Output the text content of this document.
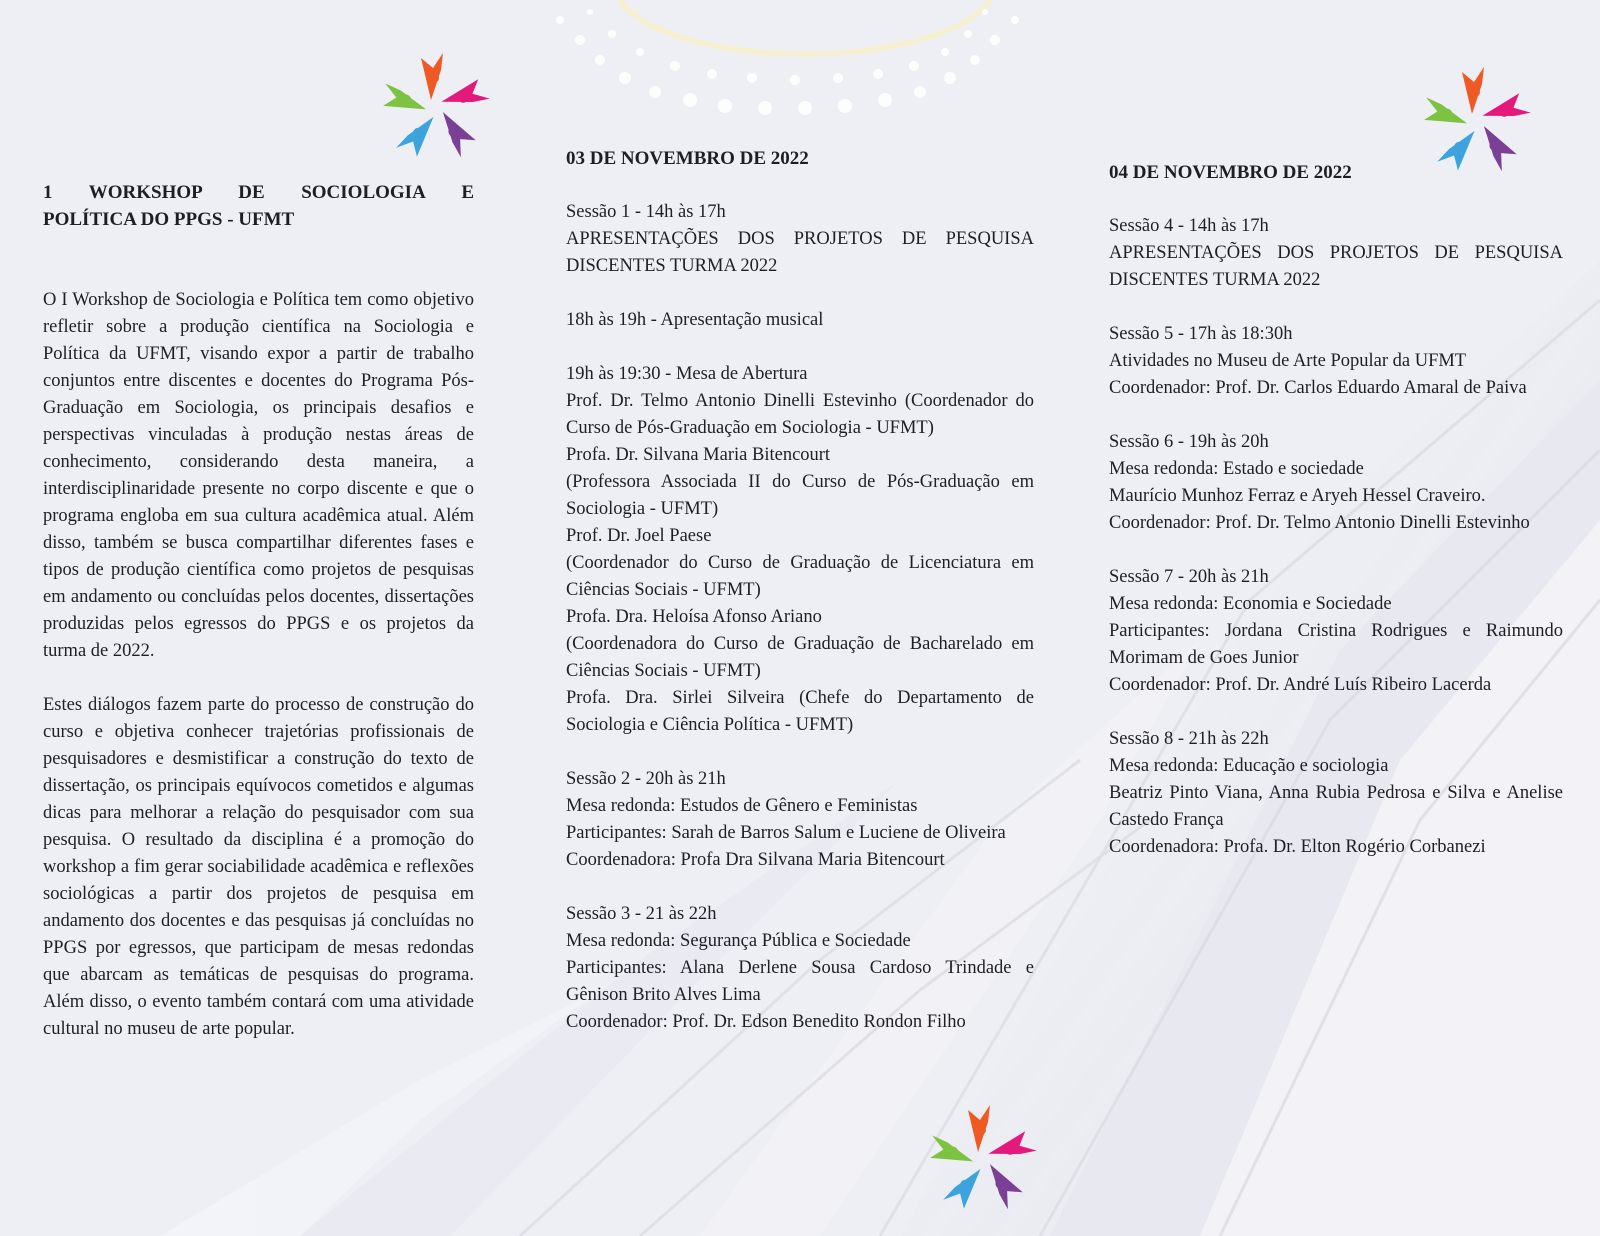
1 WORKSHOP DE SOCIOLOGIA E
POLÍTICA DO PPGS - UFMT

O I Workshop de Sociologia e Política tem como objetivo refletir sobre a produção científica na Sociologia e Política da UFMT, visando expor a partir de trabalho conjuntos entre discentes e docentes do Programa Pós-Graduação em Sociologia, os principais desafios e perspectivas vinculadas à produção nestas áreas de conhecimento, considerando desta maneira, a interdisciplinaridade presente no corpo discente e que o programa engloba em sua cultura acadêmica atual. Além disso, também se busca compartilhar diferentes fases e tipos de produção científica como projetos de pesquisas em andamento ou concluídas pelos docentes, dissertações produzidas pelos egressos do PPGS e os projetos da turma de 2022.

Estes diálogos fazem parte do processo de construção do curso e objetiva conhecer trajetórias profissionais de pesquisadores e desmistificar a construção do texto de dissertação, os principais equívocos cometidos e algumas dicas para melhorar a relação do pesquisador com sua pesquisa. O resultado da disciplina é a promoção do workshop a fim gerar sociabilidade acadêmica e reflexões sociológicas a partir dos projetos de pesquisa em andamento dos docentes e das pesquisas já concluídas no PPGS por egressos, que participam de mesas redondas que abarcam as temáticas de pesquisas do programa. Além disso, o evento também contará com uma atividade cultural no museu de arte popular.

03 DE NOVEMBRO DE 2022
Sessão 1 - 14h às 17h
APRESENTAÇÕES DOS PROJETOS DE PESQUISA DISCENTES TURMA 2022
18h às 19h - Apresentação musical
19h às 19:30 - Mesa de Abertura
Prof. Dr. Telmo Antonio Dinelli Estevinho (Coordenador do Curso de Pós-Graduação em Sociologia - UFMT)
Profa. Dr. Silvana Maria Bitencourt
(Professora Associada II do Curso de Pós-Graduação em Sociologia - UFMT)
Prof. Dr. Joel Paese
(Coordenador do Curso de Graduação de Licenciatura em Ciências Sociais - UFMT)
Profa. Dra. Heloísa Afonso Ariano
(Coordenadora do Curso de Graduação de Bacharelado em Ciências Sociais - UFMT)
Profa. Dra. Sirlei Silveira (Chefe do Departamento de Sociologia e Ciência Política - UFMT)
Sessão 2 - 20h às 21h
Mesa redonda: Estudos de Gênero e Feministas
Participantes: Sarah de Barros Salum e Luciene de Oliveira
Coordenadora: Profa Dra Silvana Maria Bitencourt
Sessão 3 - 21 às 22h
Mesa redonda: Segurança Pública e Sociedade
Participantes: Alana Derlene Sousa Cardoso Trindade e Gênison Brito Alves Lima
Coordenador: Prof. Dr. Edson Benedito Rondon Filho
04 DE NOVEMBRO DE 2022
Sessão 4 - 14h às 17h
APRESENTAÇÕES DOS PROJETOS DE PESQUISA DISCENTES TURMA 2022
Sessão 5 - 17h às 18:30h
Atividades no Museu de Arte Popular da UFMT
Coordenador: Prof. Dr. Carlos Eduardo Amaral de Paiva
Sessão 6 - 19h às 20h
Mesa redonda: Estado e sociedade
Maurício Munhoz Ferraz e Aryeh Hessel Craveiro.
Coordenador: Prof. Dr. Telmo Antonio Dinelli Estevinho
Sessão 7 - 20h às 21h
Mesa redonda: Economia e Sociedade
Participantes: Jordana Cristina Rodrigues e Raimundo Morimam de Goes Junior
Coordenador: Prof. Dr. André Luís Ribeiro Lacerda
Sessão 8 - 21h às 22h
Mesa redonda: Educação e sociologia
Beatriz Pinto Viana, Anna Rubia Pedrosa e Silva e Anelise Castedo França
Coordenadora: Profa. Dr. Elton Rogério Corbanezi
